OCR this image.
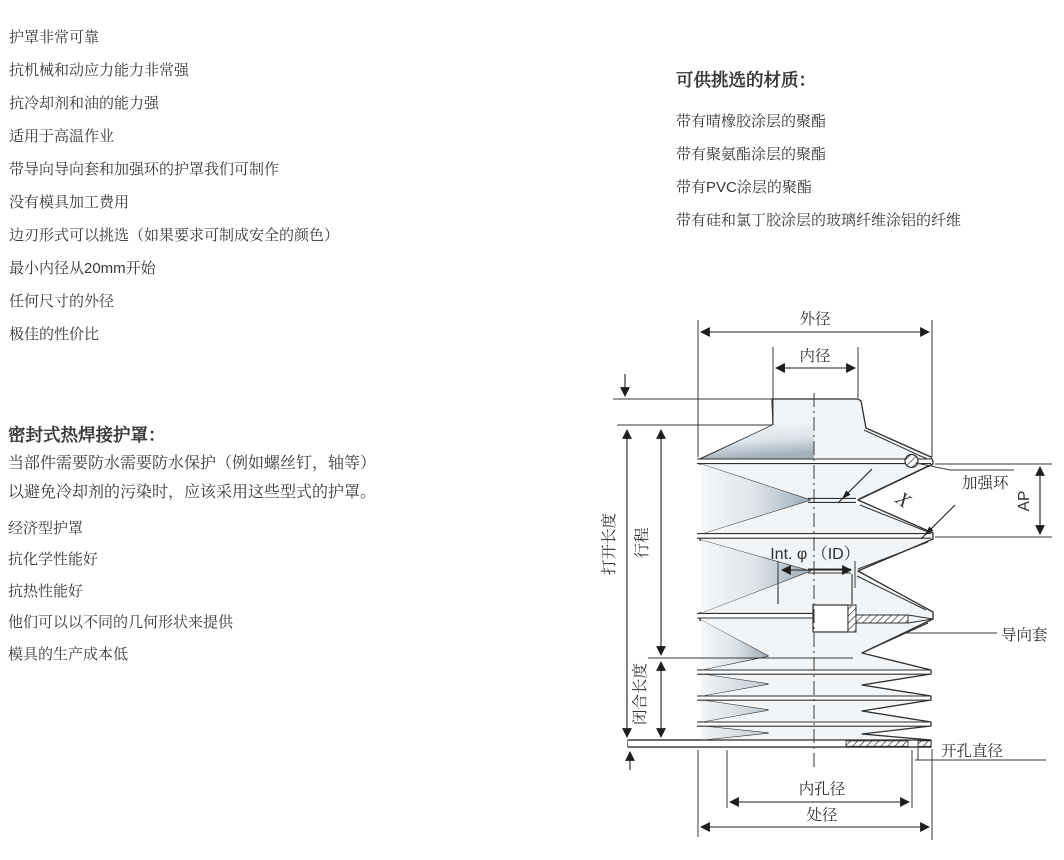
护罩非常可靠
抗机械和动应力能力非常强
抗冷却剂和油的能力强
适用于高温作业
带导向导向套和加强环的护罩我们可制作
没有模具加工费用
边刃形式可以挑选（如果要求可制成安全的颜色）
最小内径从20mm开始
任何尺寸的外径
极佳的性价比
可供挑选的材质：
带有晴橡胶涂层的聚酯
带有聚氨酯涂层的聚酯
带有PVC涂层的聚酯
带有硅和氯丁胶涂层的玻璃纤维涂铝的纤维
密封式热焊接护罩：
当部件需要防水需要防水保护（例如螺丝钉，轴等）
以避免冷却剂的污染时，应该采用这些型式的护罩。
经济型护罩
抗化学性能好
抗热性能好
他们可以以不同的几何形状来提供
模具的生产成本低
外径
内径
打开长度 行程
闭合长度
AP
X
Int. φ （ID）
加强环
导向套
开孔直径
内孔径
处径
